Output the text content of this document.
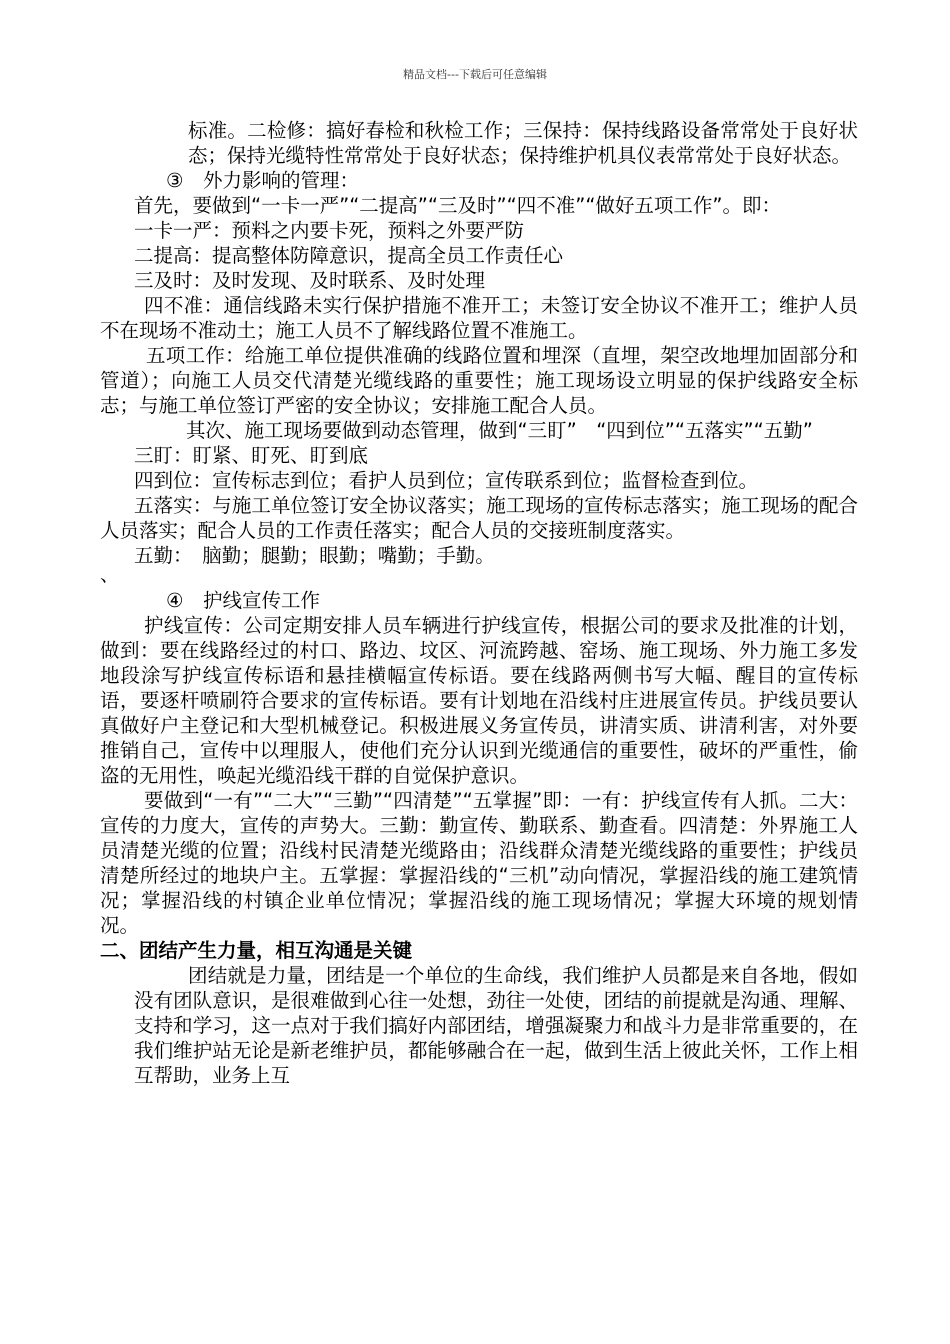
精品文档---下载后可任意编辑

标准。二检修：搞好春检和秋检工作；三保持：保持线路设备常常处于良好状态；保持光缆特性常常处于良好状态；保持维护机具仪表常常处于良好状态。

③　外力影响的管理：

首先，要做到“一卡一严”“二提高”“三及时”“四不准”“做好五项工作”。即：

一卡一严：预料之内要卡死，预料之外要严防

二提高：提高整体防障意识，提高全员工作责任心

三及时：及时发现、及时联系、及时处理

四不准：通信线路未实行保护措施不准开工；未签订安全协议不准开工；维护人员不在现场不准动土；施工人员不了解线路位置不准施工。

五项工作：给施工单位提供准确的线路位置和埋深（直埋，架空改地埋加固部分和管道）；向施工人员交代清楚光缆线路的重要性；施工现场设立明显的保护线路安全标志；与施工单位签订严密的安全协议；安排施工配合人员。

其次、施工现场要做到动态管理，做到“三盯”　“四到位”“五落实”“五勤”

三盯：盯紧、盯死、盯到底

四到位：宣传标志到位；看护人员到位；宣传联系到位；监督检查到位。

五落实：与施工单位签订安全协议落实；施工现场的宣传标志落实；施工现场的配合人员落实；配合人员的工作责任落实；配合人员的交接班制度落实。

五勤：　脑勤；腿勤；眼勤；嘴勤；手勤。

、

④　护线宣传工作

护线宣传：公司定期安排人员车辆进行护线宣传，根据公司的要求及批准的计划，做到：要在线路经过的村口、路边、坟区、河流跨越、窑场、施工现场、外力施工多发地段涂写护线宣传标语和悬挂横幅宣传标语。要在线路两侧书写大幅、醒目的宣传标语，要逐杆喷刷符合要求的宣传标语。要有计划地在沿线村庄进展宣传员。护线员要认真做好户主登记和大型机械登记。积极进展义务宣传员，讲清实质、讲清利害，对外要推销自己，宣传中以理服人，使他们充分认识到光缆通信的重要性，破坏的严重性，偷盗的无用性，唤起光缆沿线干群的自觉保护意识。

要做到“一有”“二大”“三勤”“四清楚”“五掌握”即：一有：护线宣传有人抓。二大：宣传的力度大，宣传的声势大。三勤：勤宣传、勤联系、勤查看。四清楚：外界施工人员清楚光缆的位置；沿线村民清楚光缆路由；沿线群众清楚光缆线路的重要性；护线员清楚所经过的地块户主。五掌握：掌握沿线的“三机”动向情况，掌握沿线的施工建筑情况；掌握沿线的村镇企业单位情况；掌握沿线的施工现场情况；掌握大环境的规划情况。

二、团结产生力量，相互沟通是关键

团结就是力量，团结是一个单位的生命线，我们维护人员都是来自各地，假如没有团队意识，是很难做到心往一处想，劲往一处使，团结的前提就是沟通、理解、支持和学习，这一点对于我们搞好内部团结，增强凝聚力和战斗力是非常重要的，在我们维护站无论是新老维护员，都能够融合在一起，做到生活上彼此关怀，工作上相互帮助，业务上互
